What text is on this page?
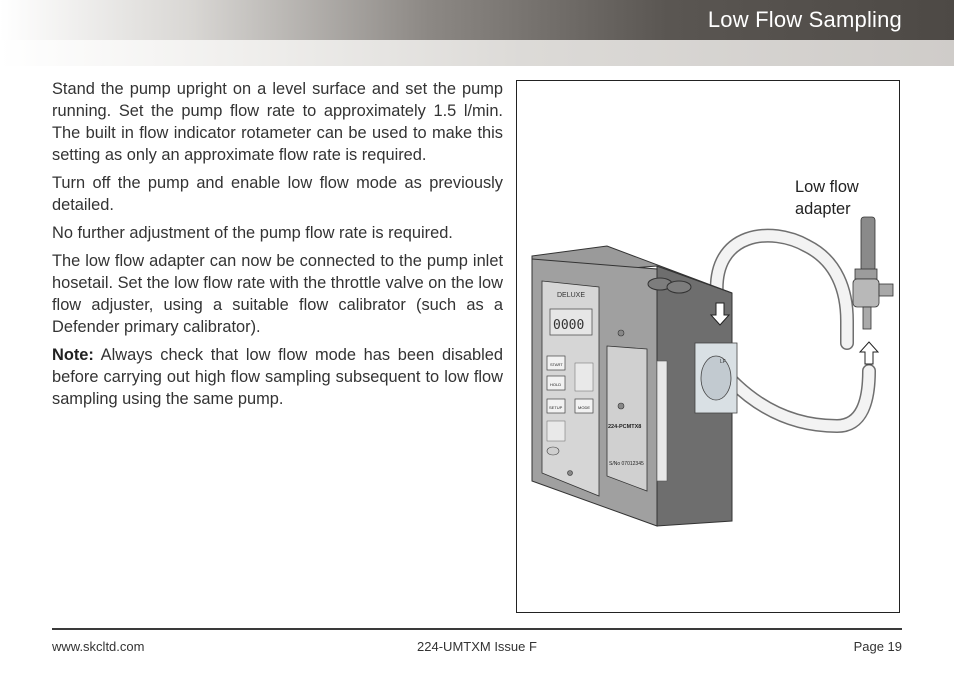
Low Flow Sampling

Stand the pump upright on a level surface and set the pump running. Set the pump flow rate to approximately 1.5 l/min. The built in flow indicator rotameter can be used to make this setting as only an approximate flow rate is required.

Turn off the pump and enable low flow mode as previously detailed.

No further adjustment of the pump flow rate is required.

The low flow adapter can now be connected to the pump inlet hosetail. Set the low flow rate with the throttle valve on the low flow adjuster, using a suitable flow calibrator (such as a Defender primary calibrator).

Note: Always check that low flow mode has been disabled before carrying out high flow sampling subsequent to low flow sampling using the same pump.

Low flow adapter
DELUXE
0000
START
HOLD
SETUP	MODE
224-PCMTX8
S/No 07012345
LF
www.skcltd.com	224-UMTXM Issue F	Page 19
